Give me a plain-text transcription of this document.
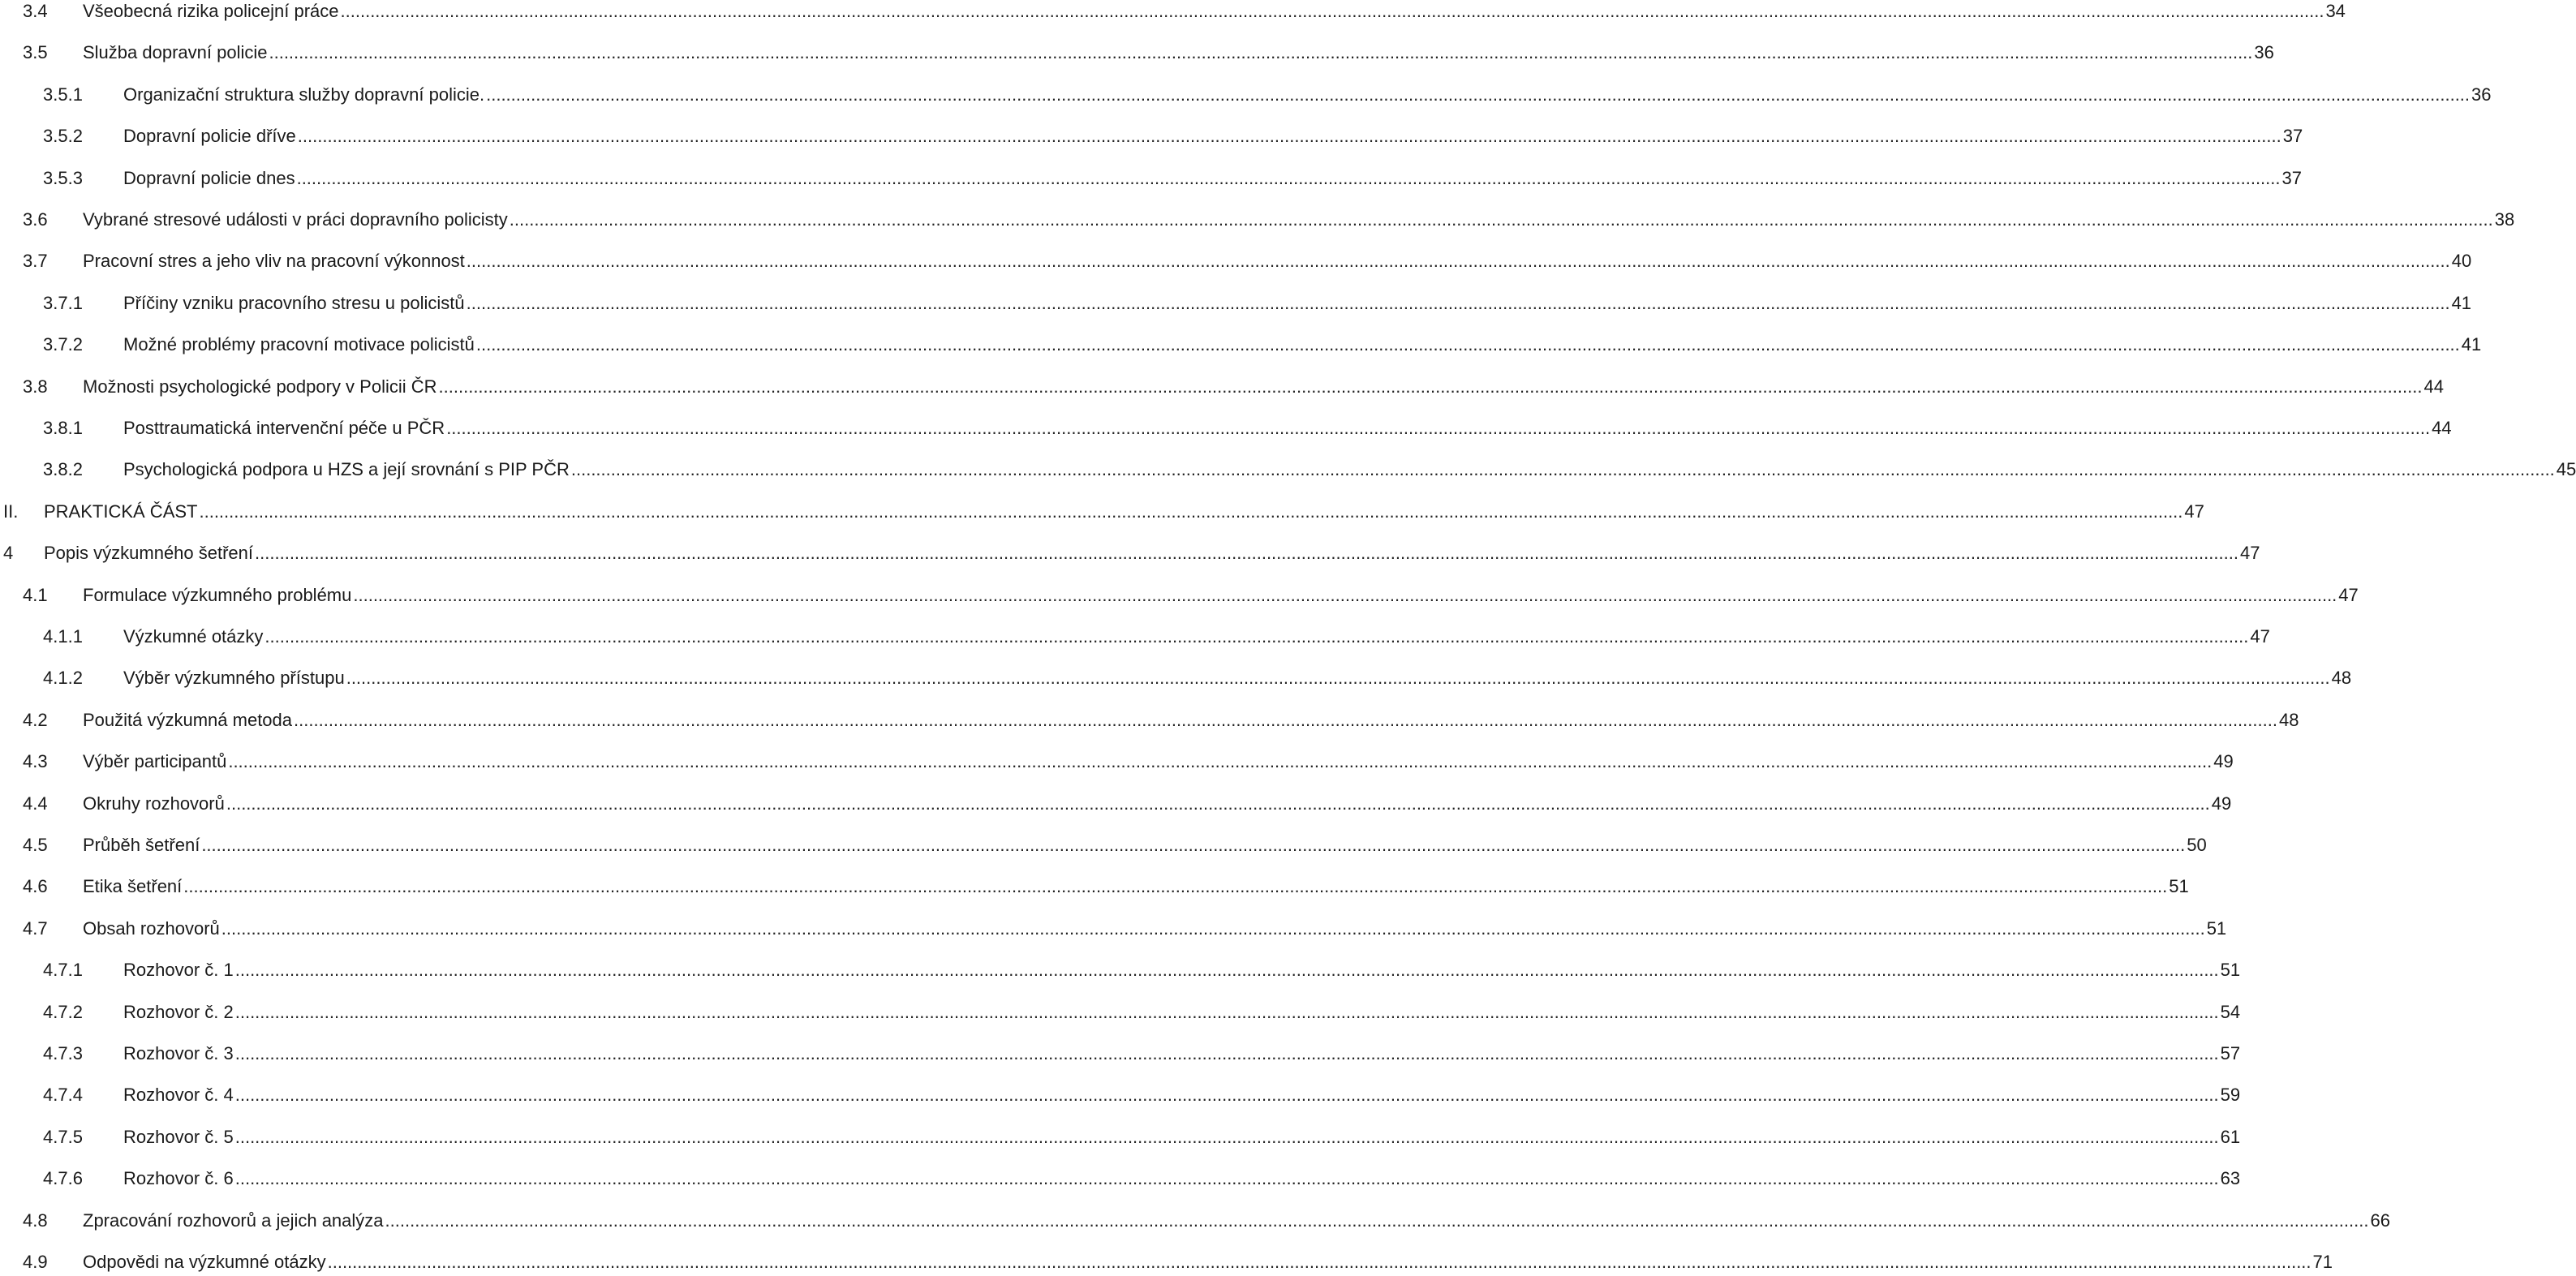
3.4 Všeobecná rizika policejní práce ................................................................................................................................................................................................................................................................................................................................................................................................................ 34
3.5 Služba dopravní policie ................................................................................................................................................................................................................................................................................................................................................................................................................ 36
3.5.1 Organizační struktura služby dopravní policie. ................................................................................................................................................................................................................................................................................................................................................................................................................ 36
3.5.2 Dopravní policie dříve ................................................................................................................................................................................................................................................................................................................................................................................................................ 37
3.5.3 Dopravní policie dnes ................................................................................................................................................................................................................................................................................................................................................................................................................ 37
3.6 Vybrané stresové události v práci dopravního policisty ................................................................................................................................................................................................................................................................................................................................................................................................................ 38
3.7 Pracovní stres a jeho vliv na pracovní výkonnost ................................................................................................................................................................................................................................................................................................................................................................................................................ 40
3.7.1 Příčiny vzniku pracovního stresu u policistů ................................................................................................................................................................................................................................................................................................................................................................................................................ 41
3.7.2 Možné problémy pracovní motivace policistů ................................................................................................................................................................................................................................................................................................................................................................................................................ 41
3.8 Možnosti psychologické podpory v Policii ČR ................................................................................................................................................................................................................................................................................................................................................................................................................ 44
3.8.1 Posttraumatická intervenční péče u PČR ................................................................................................................................................................................................................................................................................................................................................................................................................ 44
3.8.2 Psychologická podpora u HZS a její srovnání s PIP PČR ................................................................................................................................................................................................................................................................................................................................................................................................................ 45
II. PRAKTICKÁ ČÁST ................................................................................................................................................................................................................................................................................................................................................................................................................ 47
4 Popis výzkumného šetření ................................................................................................................................................................................................................................................................................................................................................................................................................ 47
4.1 Formulace výzkumného problému ................................................................................................................................................................................................................................................................................................................................................................................................................ 47
4.1.1 Výzkumné otázky ................................................................................................................................................................................................................................................................................................................................................................................................................ 47
4.1.2 Výběr výzkumného přístupu ................................................................................................................................................................................................................................................................................................................................................................................................................ 48
4.2 Použitá výzkumná metoda ................................................................................................................................................................................................................................................................................................................................................................................................................ 48
4.3 Výběr participantů ................................................................................................................................................................................................................................................................................................................................................................................................................ 49
4.4 Okruhy rozhovorů ................................................................................................................................................................................................................................................................................................................................................................................................................ 49
4.5 Průběh šetření ................................................................................................................................................................................................................................................................................................................................................................................................................ 50
4.6 Etika šetření ................................................................................................................................................................................................................................................................................................................................................................................................................ 51
4.7 Obsah rozhovorů ................................................................................................................................................................................................................................................................................................................................................................................................................ 51
4.7.1 Rozhovor č. 1 ................................................................................................................................................................................................................................................................................................................................................................................................................ 51
4.7.2 Rozhovor č. 2 ................................................................................................................................................................................................................................................................................................................................................................................................................ 54
4.7.3 Rozhovor č. 3 ................................................................................................................................................................................................................................................................................................................................................................................................................ 57
4.7.4 Rozhovor č. 4 ................................................................................................................................................................................................................................................................................................................................................................................................................ 59
4.7.5 Rozhovor č. 5 ................................................................................................................................................................................................................................................................................................................................................................................................................ 61
4.7.6 Rozhovor č. 6 ................................................................................................................................................................................................................................................................................................................................................................................................................ 63
4.8 Zpracování rozhovorů a jejich analýza ................................................................................................................................................................................................................................................................................................................................................................................................................ 66
4.9 Odpovědi na výzkumné otázky ................................................................................................................................................................................................................................................................................................................................................................................................................ 71
